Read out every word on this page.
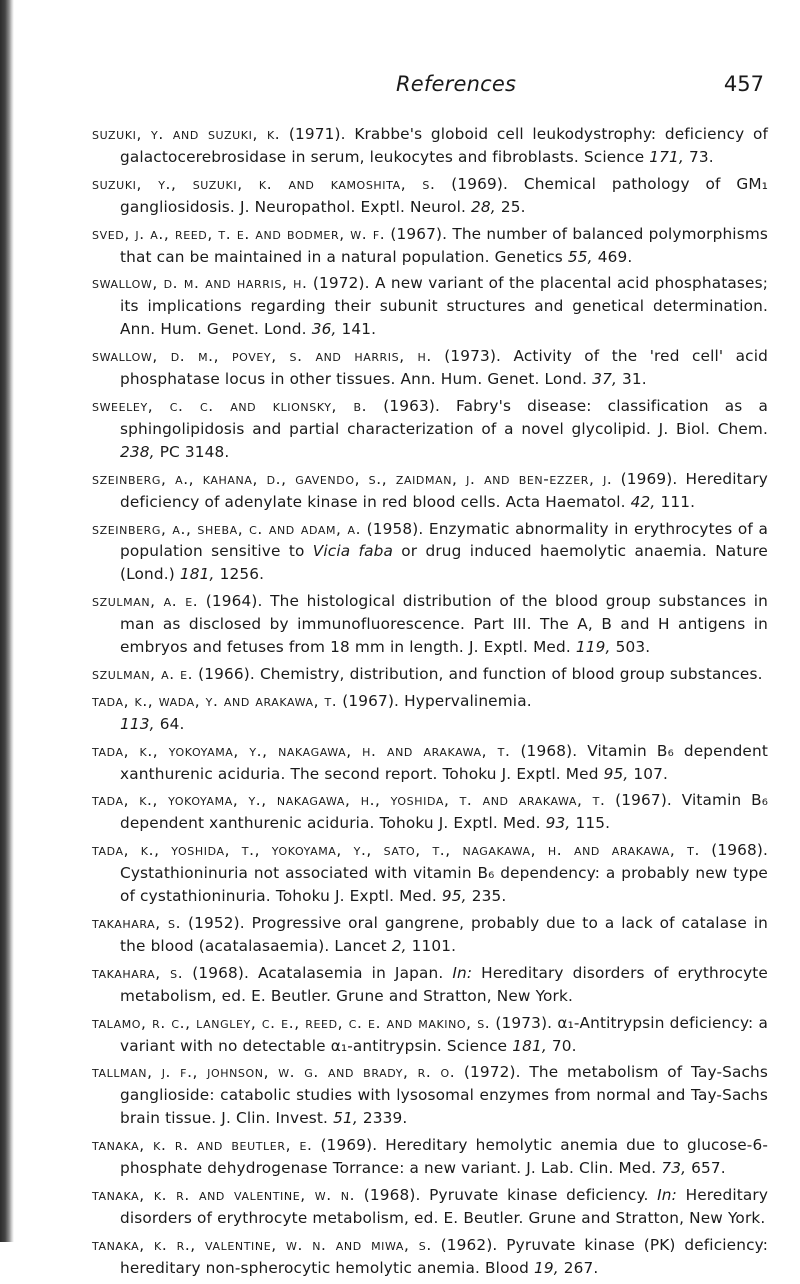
References	457

suzuki, y. and suzuki, k. (1971). Krabbe's globoid cell leukodystrophy: deficiency of galactocerebrosidase in serum, leukocytes and fibroblasts. Science 171, 73.

suzuki, y., suzuki, k. and kamoshita, s. (1969). Chemical pathology of GM₁ gangliosidosis. J. Neuropathol. Exptl. Neurol. 28, 25.

sved, j. a., reed, t. e. and bodmer, w. f. (1967). The number of balanced polymorphisms that can be maintained in a natural population. Genetics 55, 469.

swallow, d. m. and harris, h. (1972). A new variant of the placental acid phosphatases; its implications regarding their subunit structures and genetical determination. Ann. Hum. Genet. Lond. 36, 141.

swallow, d. m., povey, s. and harris, h. (1973). Activity of the 'red cell' acid phosphatase locus in other tissues. Ann. Hum. Genet. Lond. 37, 31.

sweeley, c. c. and klionsky, b. (1963). Fabry's disease: classification as a sphingolipidosis and partial characterization of a novel glycolipid. J. Biol. Chem. 238, PC 3148.

szeinberg, a., kahana, d., gavendo, s., zaidman, j. and ben-ezzer, j. (1969). Hereditary deficiency of adenylate kinase in red blood cells. Acta Haematol. 42, 111.

szeinberg, a., sheba, c. and adam, a. (1958). Enzymatic abnormality in erythrocytes of a population sensitive to Vicia faba or drug induced haemolytic anaemia. Nature (Lond.) 181, 1256.

szulman, a. e. (1964). The histological distribution of the blood group substances in man as disclosed by immunofluorescence. Part III. The A, B and H antigens in embryos and fetuses from 18 mm in length. J. Exptl. Med. 119, 503.

szulman, a. e. (1966). Chemistry, distribution, and function of blood group substances.

tada, k., wada, y. and arakawa, t. (1967). Hypervalinemia.
113, 64.

tada, k., yokoyama, y., nakagawa, h. and arakawa, t. (1968). Vitamin B₆ dependent xanthurenic aciduria. The second report. Tohoku J. Exptl. Med 95, 107.

tada, k., yokoyama, y., nakagawa, h., yoshida, t. and arakawa, t. (1967). Vitamin B₆ dependent xanthurenic aciduria. Tohoku J. Exptl. Med. 93, 115.

tada, k., yoshida, t., yokoyama, y., sato, t., nagakawa, h. and arakawa, t. (1968). Cystathioninuria not associated with vitamin B₆ dependency: a probably new type of cystathioninuria. Tohoku J. Exptl. Med. 95, 235.

takahara, s. (1952). Progressive oral gangrene, probably due to a lack of catalase in the blood (acatalasaemia). Lancet 2, 1101.

takahara, s. (1968). Acatalasemia in Japan. In: Hereditary disorders of erythrocyte metabolism, ed. E. Beutler. Grune and Stratton, New York.

talamo, r. c., langley, c. e., reed, c. e. and makino, s. (1973). α₁-Antitrypsin deficiency: a variant with no detectable α₁-antitrypsin. Science 181, 70.

tallman, j. f., johnson, w. g. and brady, r. o. (1972). The metabolism of Tay-Sachs ganglioside: catabolic studies with lysosomal enzymes from normal and Tay-Sachs brain tissue. J. Clin. Invest. 51, 2339.

tanaka, k. r. and beutler, e. (1969). Hereditary hemolytic anemia due to glucose-6-phosphate dehydrogenase Torrance: a new variant. J. Lab. Clin. Med. 73, 657.

tanaka, k. r. and valentine, w. n. (1968). Pyruvate kinase deficiency. In: Hereditary disorders of erythrocyte metabolism, ed. E. Beutler. Grune and Stratton, New York.

tanaka, k. r., valentine, w. n. and miwa, s. (1962). Pyruvate kinase (PK) deficiency: hereditary non-spherocytic hemolytic anemia. Blood 19, 267.
